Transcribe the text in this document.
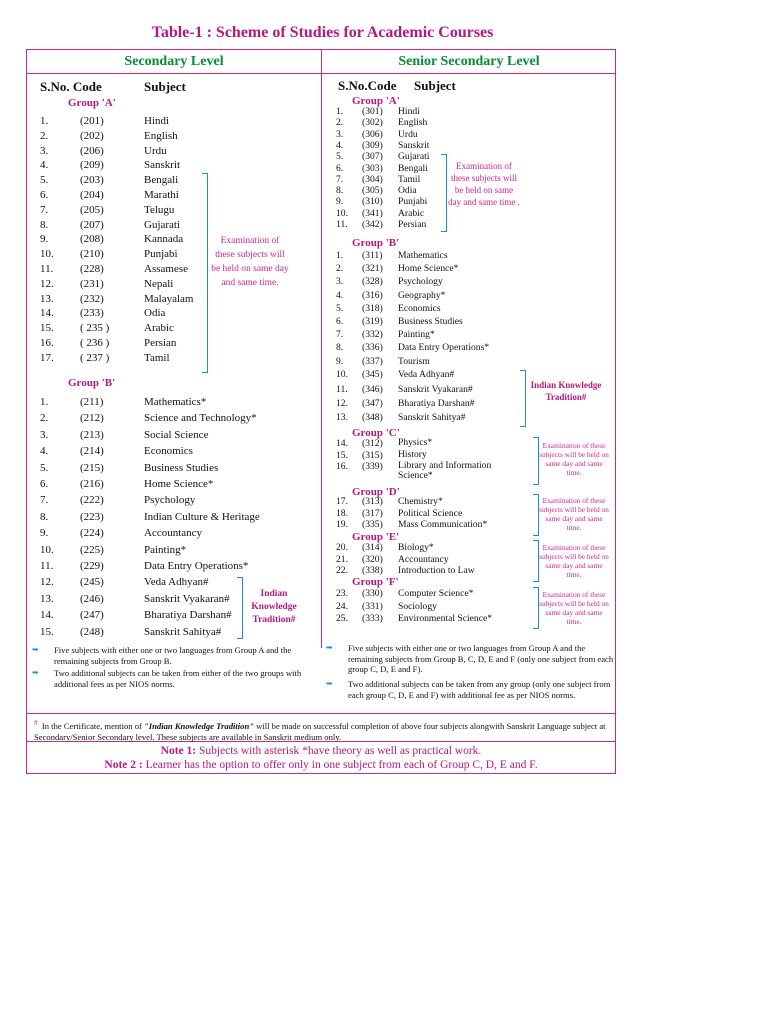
Table-1 : Scheme of Studies for Academic Courses
Secondary Level	Senior Secondary Level
S.No. Code	Subject
Group 'A'
1.	(201)	Hindi
2.	(202)	English
3.	(206)	Urdu
4.	(209)	Sanskrit
5.	(203)	Bengali
6.	(204)	Marathi
7.	(205)	Telugu
8.	(207)	Gujarati
9.	(208)	Kannada
10. (210)	Punjabi
11. (228)	Assamese
12. (231)	Nepali
13. (232)	Malayalam
14. (233)	Odia
15. ( 235 )	Arabic
16. ( 236 )	Persian
17. ( 237 )	Tamil
Examination of these subjects will be held on same day and same time.
Group 'B'
1.	(211)	Mathematics*
2.	(212)	Science and Technology*
3.	(213)	Social Science
4.	(214)	Economics
5.	(215)	Business Studies
6.	(216)	Home Science*
7.	(222)	Psychology
8.	(223)	Indian Culture & Heritage
9.	(224)	Accountancy
10. (225)	Painting*
11. (229)	Data Entry Operations*
12. (245)	Veda Adhyan#
13. (246)	Sanskrit Vyakaran#
14. (247)	Bharatiya Darshan#
15. (248)	Sanskrit Sahitya#
Indian Knowledge Tradition#
➥ Five subjects with either one or two languages from Group A and the remaining subjects from Group B.
➥ Two additional subjects can be taken from either of the two groups with additional fees as per NIOS norms.
S.No.Code Subject
Group 'A'
1. (301) Hindi
2. (302) English
3. (306) Urdu
4. (309) Sanskrit
5. (307) Gujarati
6. (303) Bengali
7. (304) Tamil
8. (305) Odia
9. (310) Punjabi
10. (341) Arabic
11. (342) Persian
Examination of these subjects will be held on same day and same time .
Group 'B'
1. (311) Mathematics
2. (321) Home Science*
3. (328) Psychology
4. (316) Geography*
5. (318) Economics
6. (319) Business Studies
7. (332) Painting*
8. (336) Data Entry Operations*
9. (337) Tourism
10. (345) Veda Adhyan#
11. (346) Sanskrit Vyakaran#
12. (347) Bharatiya Darshan#
13. (348) Sanskrit Sahitya#
Indian Knowledge Tradition#
Group 'C'
14. (312) Physics*
15. (315) History
16. (339) Library and Information Science*
Examination of these subjects will be held on same day and same time.
Group 'D'
17. (313) Chemistry*
18. (317) Political Science
19. (335) Mass Communication*
Examination of these subjects will be held on same day and same time.
Group 'E'
20. (314) Biology*
21. (320) Accountancy
22. (338) Introduction to Law
Examination of these subjects will be held on same day and same time.
Group 'F'
23. (330) Computer Science*
24. (331) Sociology
25. (333) Environmental Science*
Examination of these subjects will be held on same day and same time.
➥ Five subjects with either one or two languages from Group A and the remaining subjects from Group B, C, D, E and F (only one subject from each group C, D, E and F).
➥ Two additional subjects can be taken from any group (only one subject from each group C, D, E and F) with additional fee as per NIOS norms.
# In the Certificate, mention of "Indian Knowledge Tradition" will be made on successful completion of above four subjects alongwith Sanskrit Language subject at Secondary/Senior Secondary level. These subjects are available in Sanskrit medium only.
Note 1: Subjects with asterisk *have theory as well as practical work.
Note 2 : Learner has the option to offer only in one subject from each of Group C, D, E and F.
